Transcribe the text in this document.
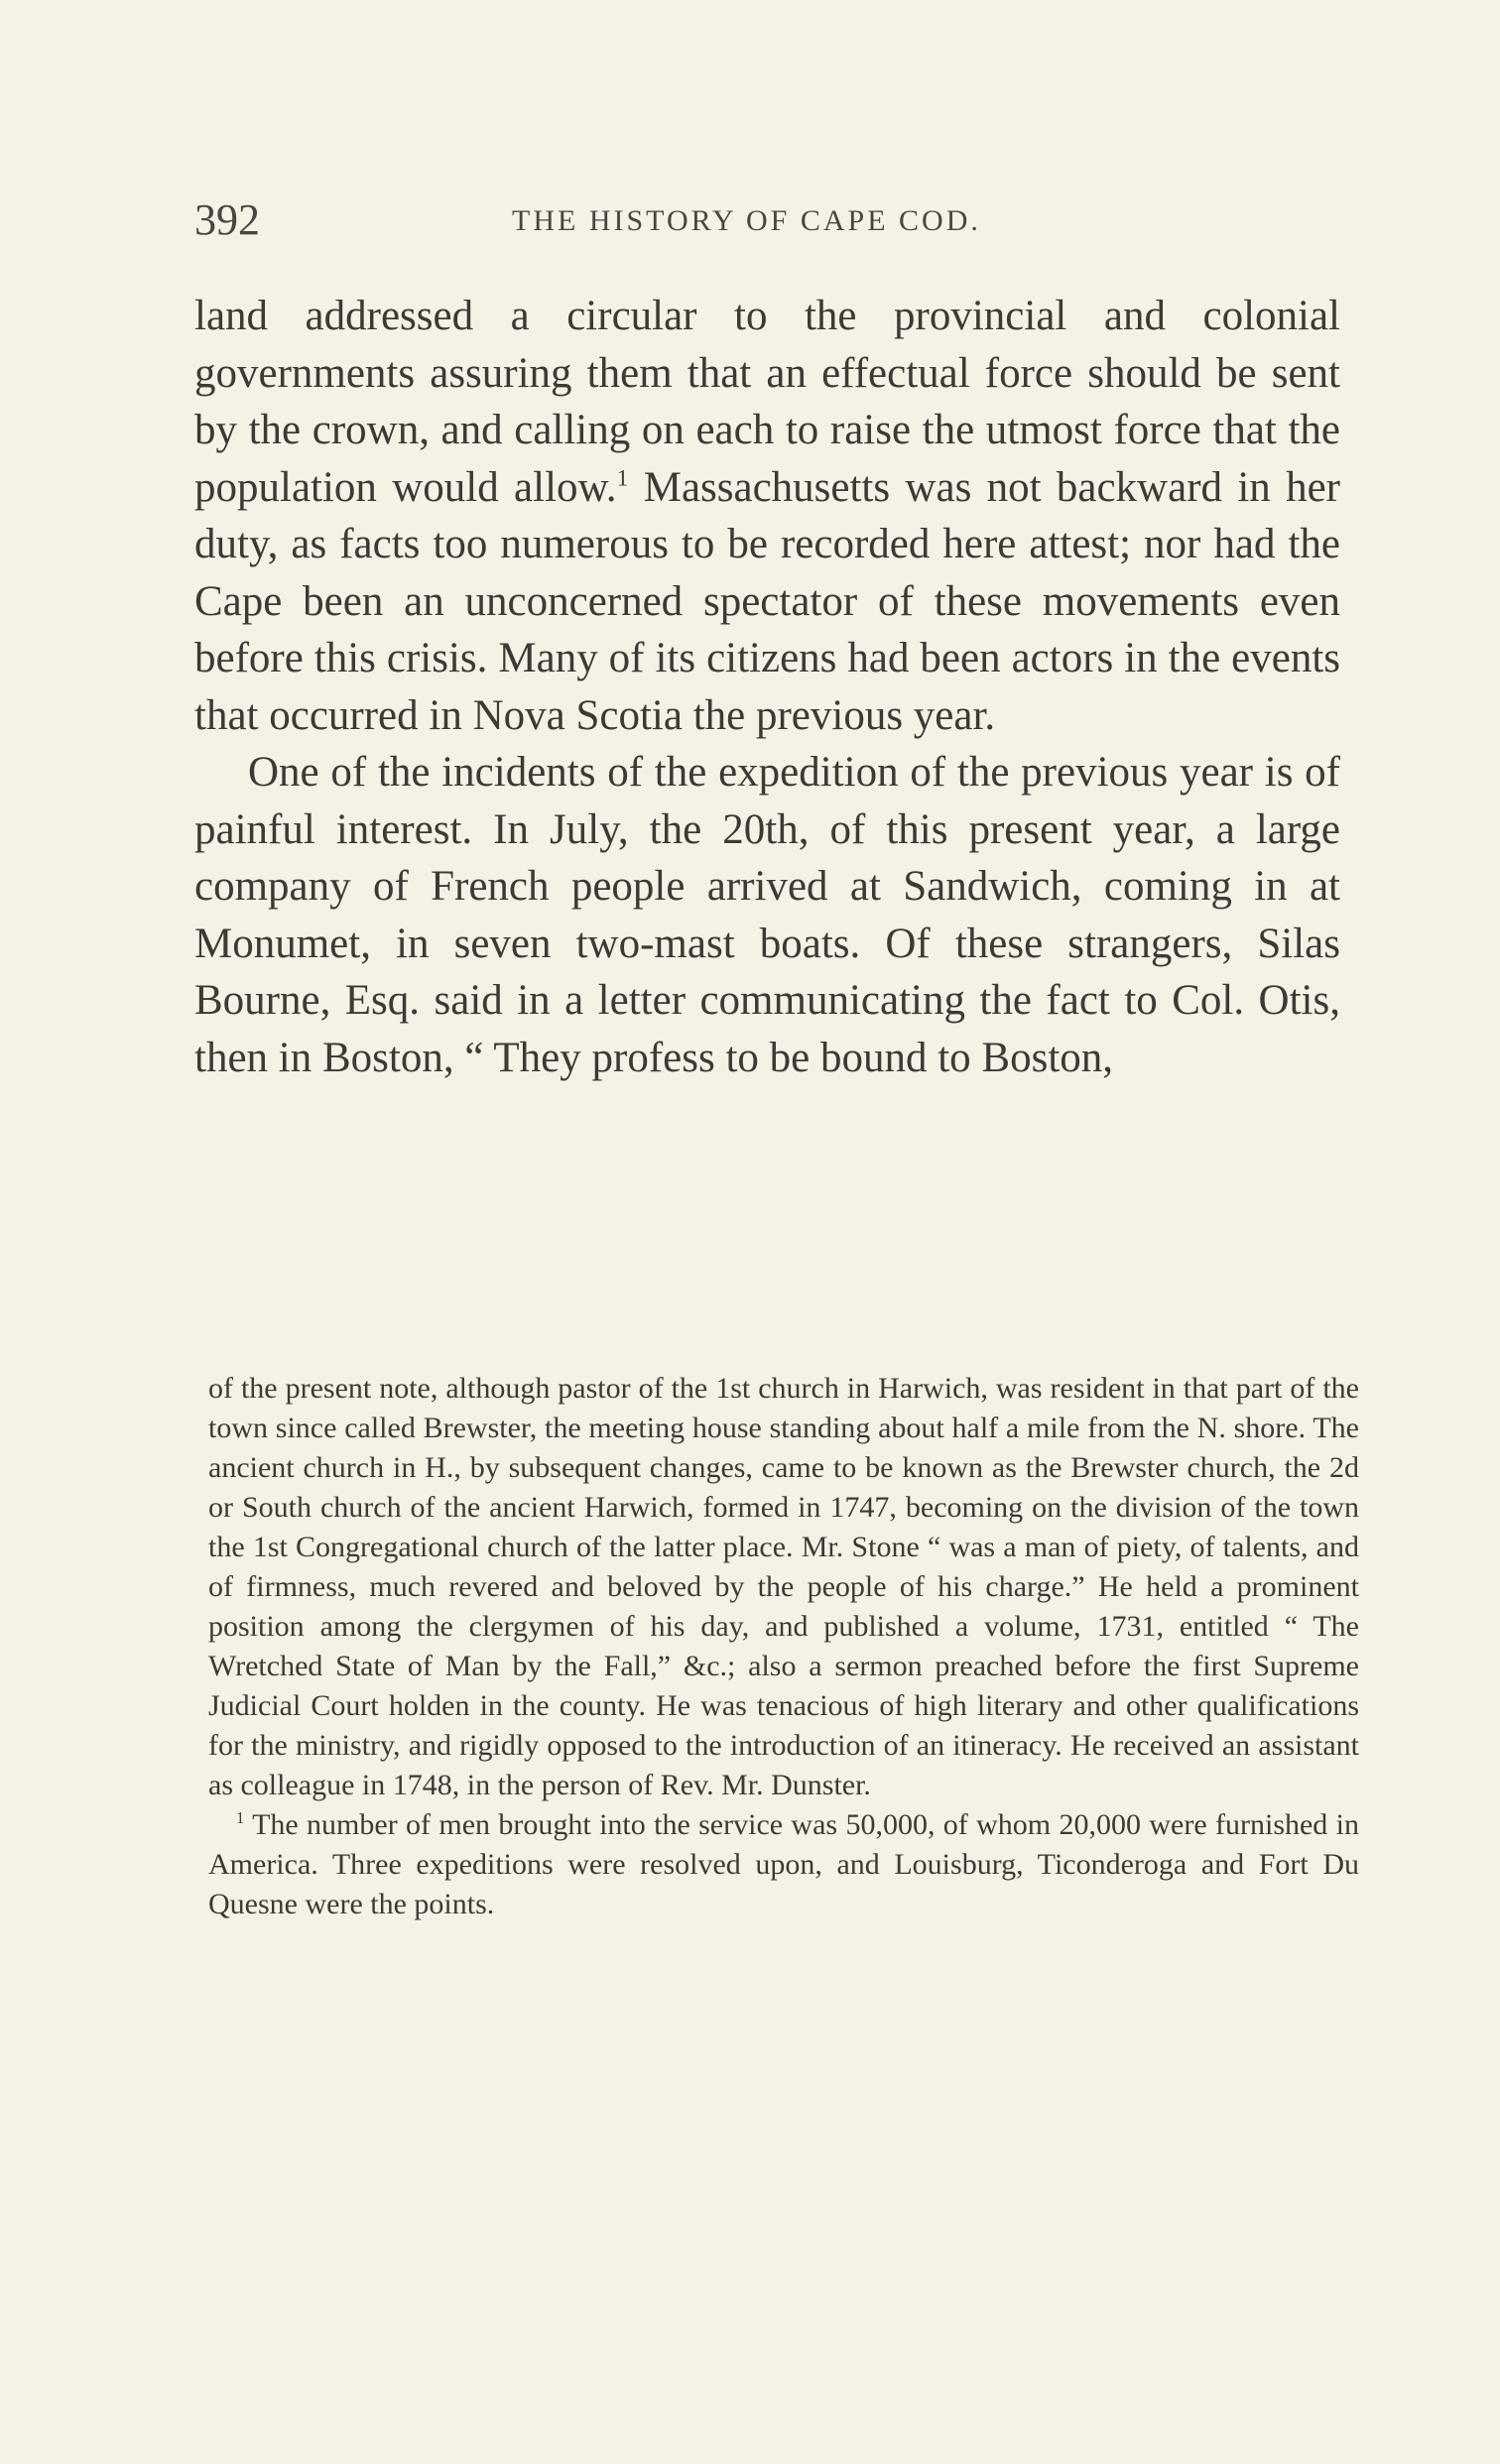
392	THE HISTORY OF CAPE COD.

land addressed a circular to the provincial and colonial governments assuring them that an effectual force should be sent by the crown, and calling on each to raise the utmost force that the population would allow.$^1$ Massachusetts was not backward in her duty, as facts too numerous to be recorded here attest; nor had the Cape been an unconcerned spectator of these movements even before this crisis. Many of its citizens had been actors in the events that occurred in Nova Scotia the previous year.

One of the incidents of the expedition of the previous year is of painful interest. In July, the 20th, of this present year, a large company of French people arrived at Sandwich, coming in at Monumet, in seven two-mast boats. Of these strangers, Silas Bourne, Esq. said in a letter communicating the fact to Col. Otis, then in Boston, “ They profess to be bound to Boston,

of the present note, although pastor of the 1st church in Harwich, was resident in that part of the town since called Brewster, the meeting house standing about half a mile from the N. shore. The ancient church in H., by subsequent changes, came to be known as the Brewster church, the 2d or South church of the ancient Harwich, formed in 1747, becoming on the division of the town the 1st Congregational church of the latter place. Mr. Stone “ was a man of piety, of talents, and of firmness, much revered and beloved by the people of his charge.” He held a prominent position among the clergymen of his day, and published a volume, 1731, entitled “ The Wretched State of Man by the Fall,” &c.; also a sermon preached before the first Supreme Judicial Court holden in the county. He was tenacious of high literary and other qualifications for the ministry, and rigidly opposed to the introduction of an itineracy. He received an assistant as colleague in 1748, in the person of Rev. Mr. Dunster.

$^1$ The number of men brought into the service was 50,000, of whom 20,000 were furnished in America. Three expeditions were resolved upon, and Louisburg, Ticonderoga and Fort Du Quesne were the points.
